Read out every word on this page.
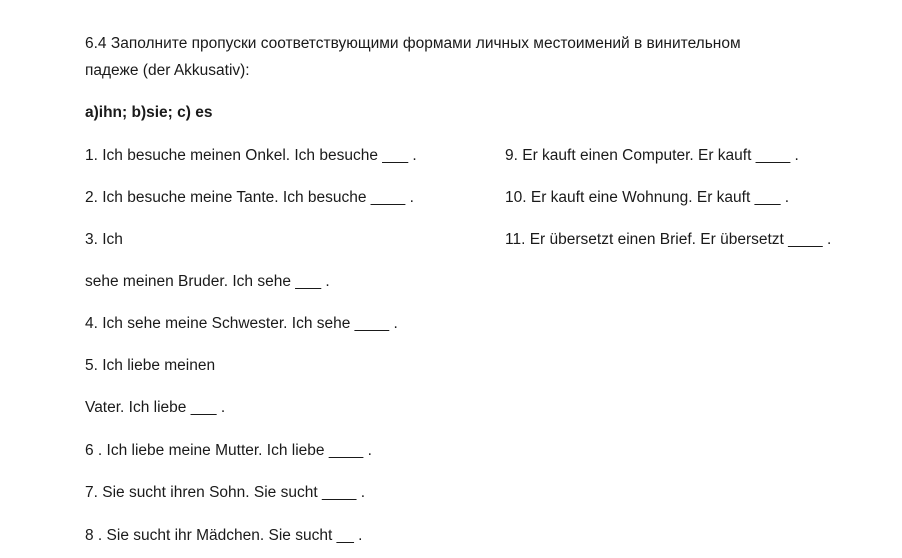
6.4 Заполните пропуски соответствующими формами личных местоимений в винительном
падеже (der Akkusativ):
a)ihn; b)sie; c) es
1. Ich besuche meinen Onkel. Ich besuche ___ .
2. Ich besuche meine Tante. Ich besuche ____ .
3. Ich
sehe meinen Bruder. Ich sehe ___ .
4. Ich sehe meine Schwester. Ich sehe ____ .
5. Ich liebe meinen
Vater. Ich liebe ___ .
6 . Ich liebe meine Mutter. Ich liebe ____ .
7. Sie sucht ihren Sohn. Sie sucht ____ .
8 . Sie sucht ihr Mädchen. Sie sucht __ .
9. Er kauft einen Computer. Er kauft ____ .
10. Er kauft eine Wohnung. Er kauft ___ .
11. Er übersetzt einen Brief. Er übersetzt ____ .
